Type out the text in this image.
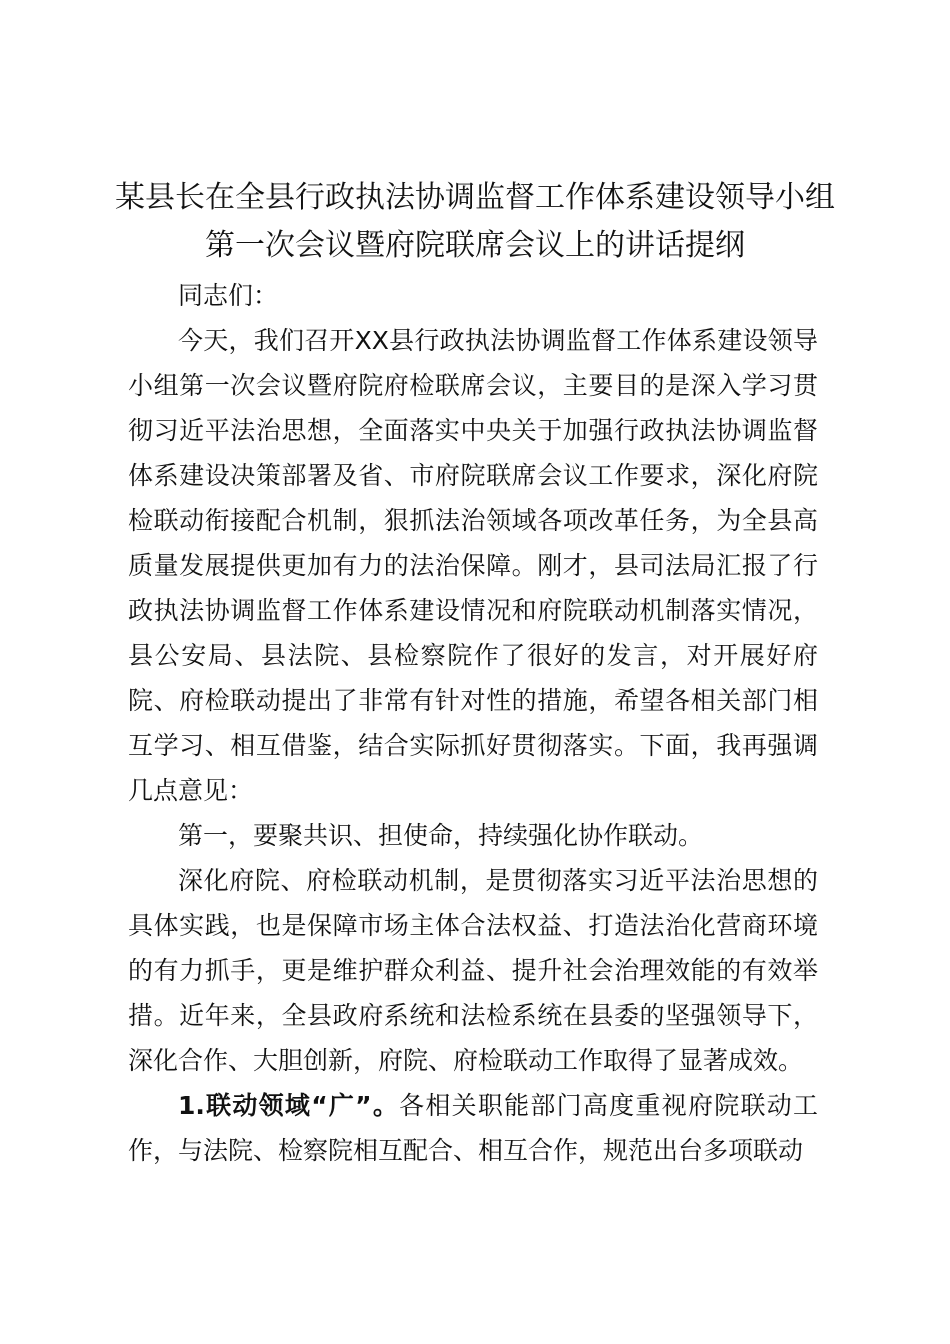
某县长在全县行政执法协调监督工作体系建设领导小组
第一次会议暨府院联席会议上的讲话提纲

同志们：

今天，我们召开XX县行政执法协调监督工作体系建设领导小组第一次会议暨府院府检联席会议，主要目的是深入学习贯彻习近平法治思想，全面落实中央关于加强行政执法协调监督体系建设决策部署及省、市府院联席会议工作要求，深化府院检联动衔接配合机制，狠抓法治领域各项改革任务，为全县高质量发展提供更加有力的法治保障。刚才，县司法局汇报了行政执法协调监督工作体系建设情况和府院联动机制落实情况，县公安局、县法院、县检察院作了很好的发言，对开展好府院、府检联动提出了非常有针对性的措施，希望各相关部门相互学习、相互借鉴，结合实际抓好贯彻落实。下面，我再强调几点意见：

第一，要聚共识、担使命，持续强化协作联动。

深化府院、府检联动机制，是贯彻落实习近平法治思想的具体实践，也是保障市场主体合法权益、打造法治化营商环境的有力抓手，更是维护群众利益、提升社会治理效能的有效举措。近年来，全县政府系统和法检系统在县委的坚强领导下，深化合作、大胆创新，府院、府检联动工作取得了显著成效。

1.联动领域“广”。各相关职能部门高度重视府院联动工作，与法院、检察院相互配合、相互合作，规范出台多项联动
